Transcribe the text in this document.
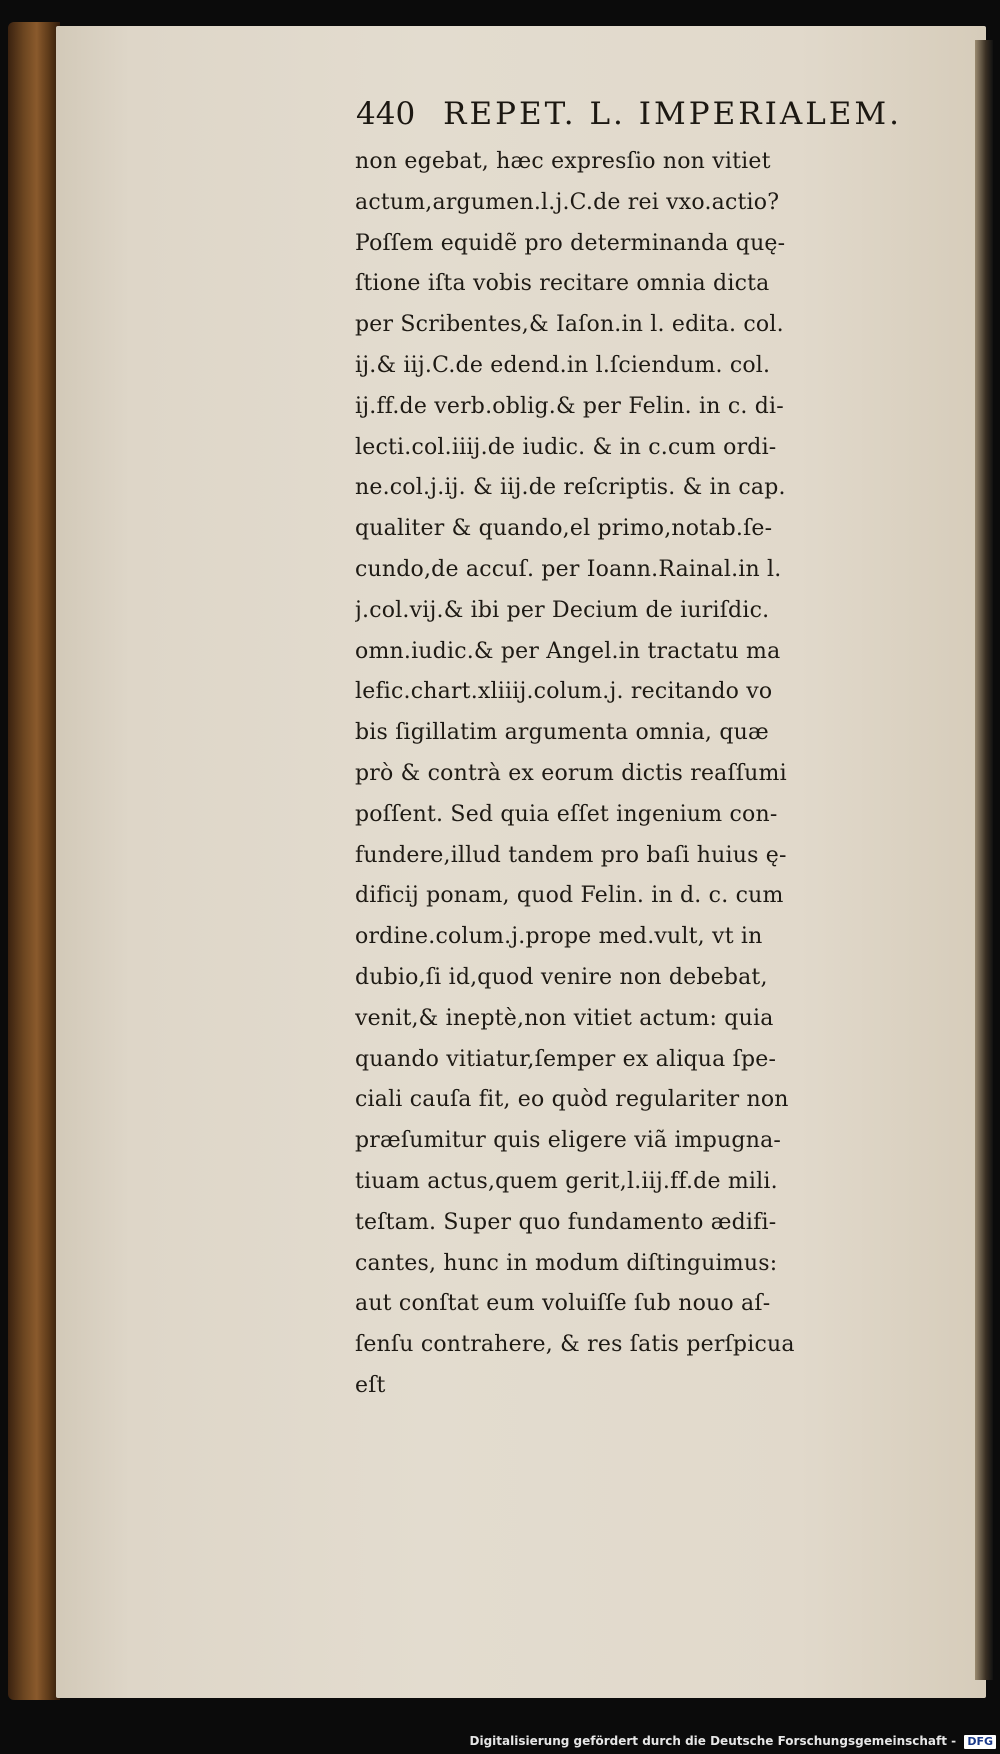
440 REPET. L. IMPERIALEM.
non egebat, hæc expresſio non vitiet
actum,argumen.l.j.C.de rei vxo.actio?
Poſſem equidẽ pro determinanda quę-
ſtione iſta vobis recitare omnia dicta
per Scribentes,& Iaſon.in l. edita. col.
ij.& iij.C.de edend.in l.ſciendum. col.
ij.ff.de verb.oblig.& per Felin. in c. di-
lecti.col.iiij.de iudic. & in c.cum ordi-
ne.col.j.ij. & iij.de reſcriptis. & in cap.
qualiter & quando,el primo,notab.ſe-
cundo,de accuſ. per Ioann.Rainal.in l.
j.col.vij.& ibi per Decium de iuriſdic.
omn.iudic.& per Angel.in tractatu ma
lefic.chart.xliiij.colum.j. recitando vo
bis ſigillatim argumenta omnia, quæ
prò & contrà ex eorum dictis reaſſumi
poſſent. Sed quia eſſet ingenium con-
fundere,illud tandem pro baſi huius ę-
dificij ponam, quod Felin. in d. c. cum
ordine.colum.j.prope med.vult, vt in
dubio,ſi id,quod venire non debebat,
venit,& ineptè,non vitiet actum: quia
quando vitiatur,ſemper ex aliqua ſpe-
ciali cauſa fit, eo quòd regulariter non
præſumitur quis eligere viã impugna-
tiuam actus,quem gerit,l.iij.ff.de mili.
teſtam. Super quo fundamento ædifi-
cantes, hunc in modum diſtinguimus:
aut conſtat eum voluiſſe ſub nouo aſ-
ſenſu contrahere, & res ſatis perſpicua
eſt
Digitalisierung gefördert durch die Deutsche Forschungsgemeinschaft - DFG
